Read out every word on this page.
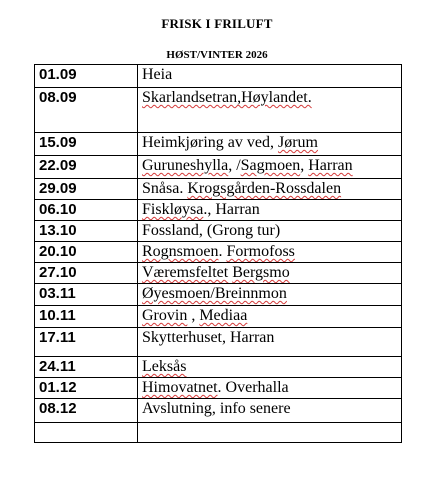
FRISK I FRILUFT
HØST/VINTER 2026
01.09	Heia
08.09	Skarlandsetran,Høylandet.
15.09	Heimkjøring av ved, Jørum
22.09	Guruneshylla, /Sagmoen, Harran
29.09	Snåsa. Krogsgården-Rossdalen
06.10	Fiskløysa., Harran
13.10	Fossland, (Grong tur)
20.10	Rognsmoen. Formofoss
27.10	Væremsfeltet Bergsmo
03.11	Øyesmoen/Breinnmon
10.11	Grovin , Mediaa
17.11	Skytterhuset, Harran
24.11	Leksås
01.12	Himovatnet. Overhalla
08.12	Avslutning, info senere
